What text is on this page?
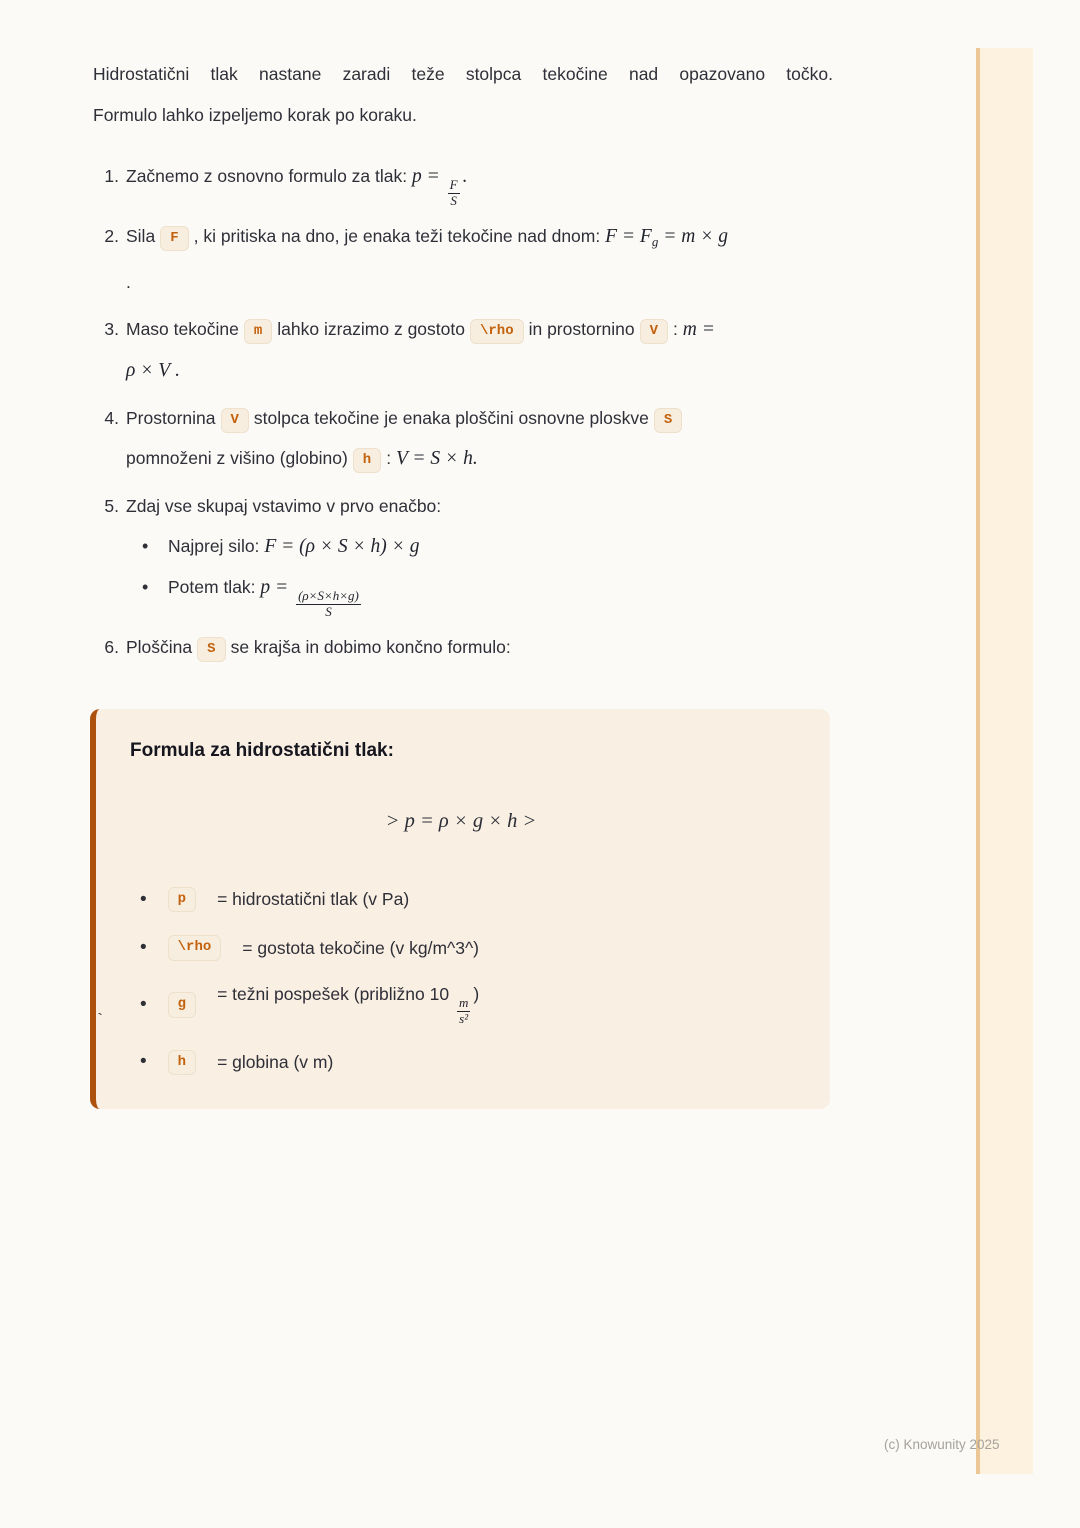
Hidrostatični tlak nastane zaradi teže stolpca tekočine nad opazovano točko.
Formulo lahko izpeljemo korak po koraku.

1. Začnemo z osnovno formulo za tlak: p =
$\frac{F}{S}$
.
2. Sila F , ki pritiska na dno, je enaka teži tekočine nad dnom: $F = F_g = m \times g$
.
3. Maso tekočine m lahko izrazimo z gostoto \rho in prostornino V : m =
ρ × V .
4. Prostornina V stolpca tekočine je enaka ploščini osnovne ploskve S
pomnoženi z višino (globino) h : V = S × h.
5. Zdaj vse skupaj vstavimo v prvo enačbo:
•	Najprej silo:
F = (ρ × S × h) × g
•	Potem tlak:
p =
$\frac{(\rho\times S\times h\times g)}{S}$
6. Ploščina S se krajša in dobimo končno formulo:
Formula za hidrostatični tlak:
> p = ρ × g × h >
•	p	= hidrostatični tlak (v Pa)
•	\rho	= gostota tekočine (v kg/m^3^)
•	g
= težni pospešek (približno 10
$\frac{m}{\text{s²}}$
)
•	h	= globina (v m)
`
(c) Knowunity 2025
